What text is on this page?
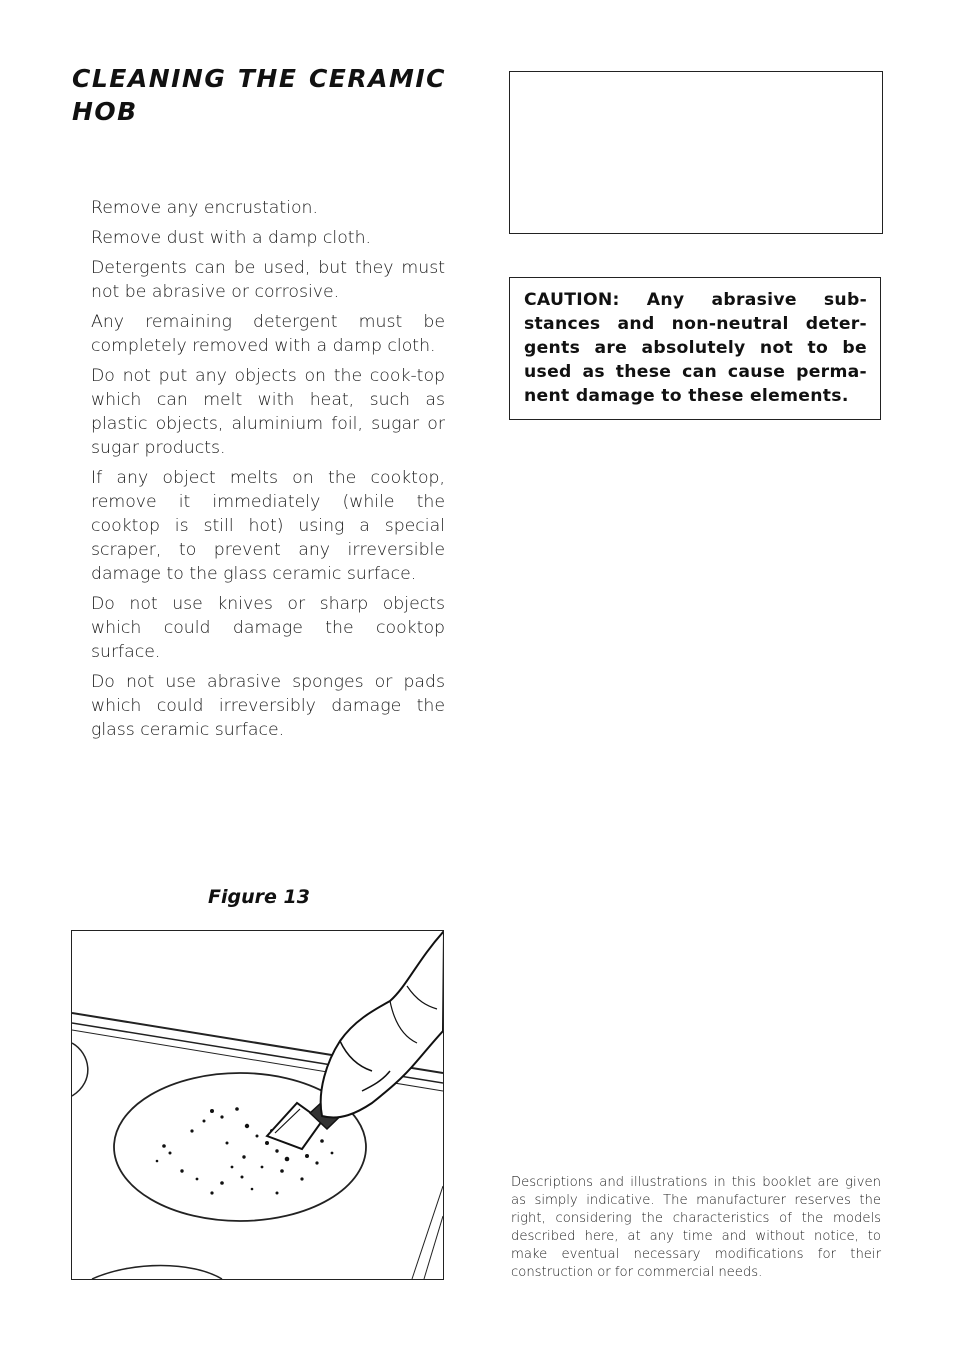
CLEANING THE CERAMIC HOB

Remove any encrustation.

Remove dust with a damp cloth.

Detergents can be used, but they must not be abrasive or corrosive.

Any remaining detergent must be completely removed with a damp cloth.

Do not put any objects on the cook-top which can melt with heat, such as plastic objects, aluminium foil, sugar or sugar products.

If any object melts on the cooktop, remove it immediately (while the cooktop is still hot) using a special scraper, to prevent any irreversible damage to the glass ceramic surface.

Do not use knives or sharp objects which could damage the cooktop surface.

Do not use abrasive sponges or pads which could irreversibly damage the glass ceramic surface.

CAUTION: Any abrasive sub-stances and non-neutral deter-gents are absolutely not to be used as these can cause perma-nent damage to these elements.

Figure 13

Descriptions and illustrations in this booklet are given as simply indicative. The manufacturer reserves the right, considering the characteristics of the models described here, at any time and without notice, to make eventual necessary modifications for their construction or for commercial needs.
